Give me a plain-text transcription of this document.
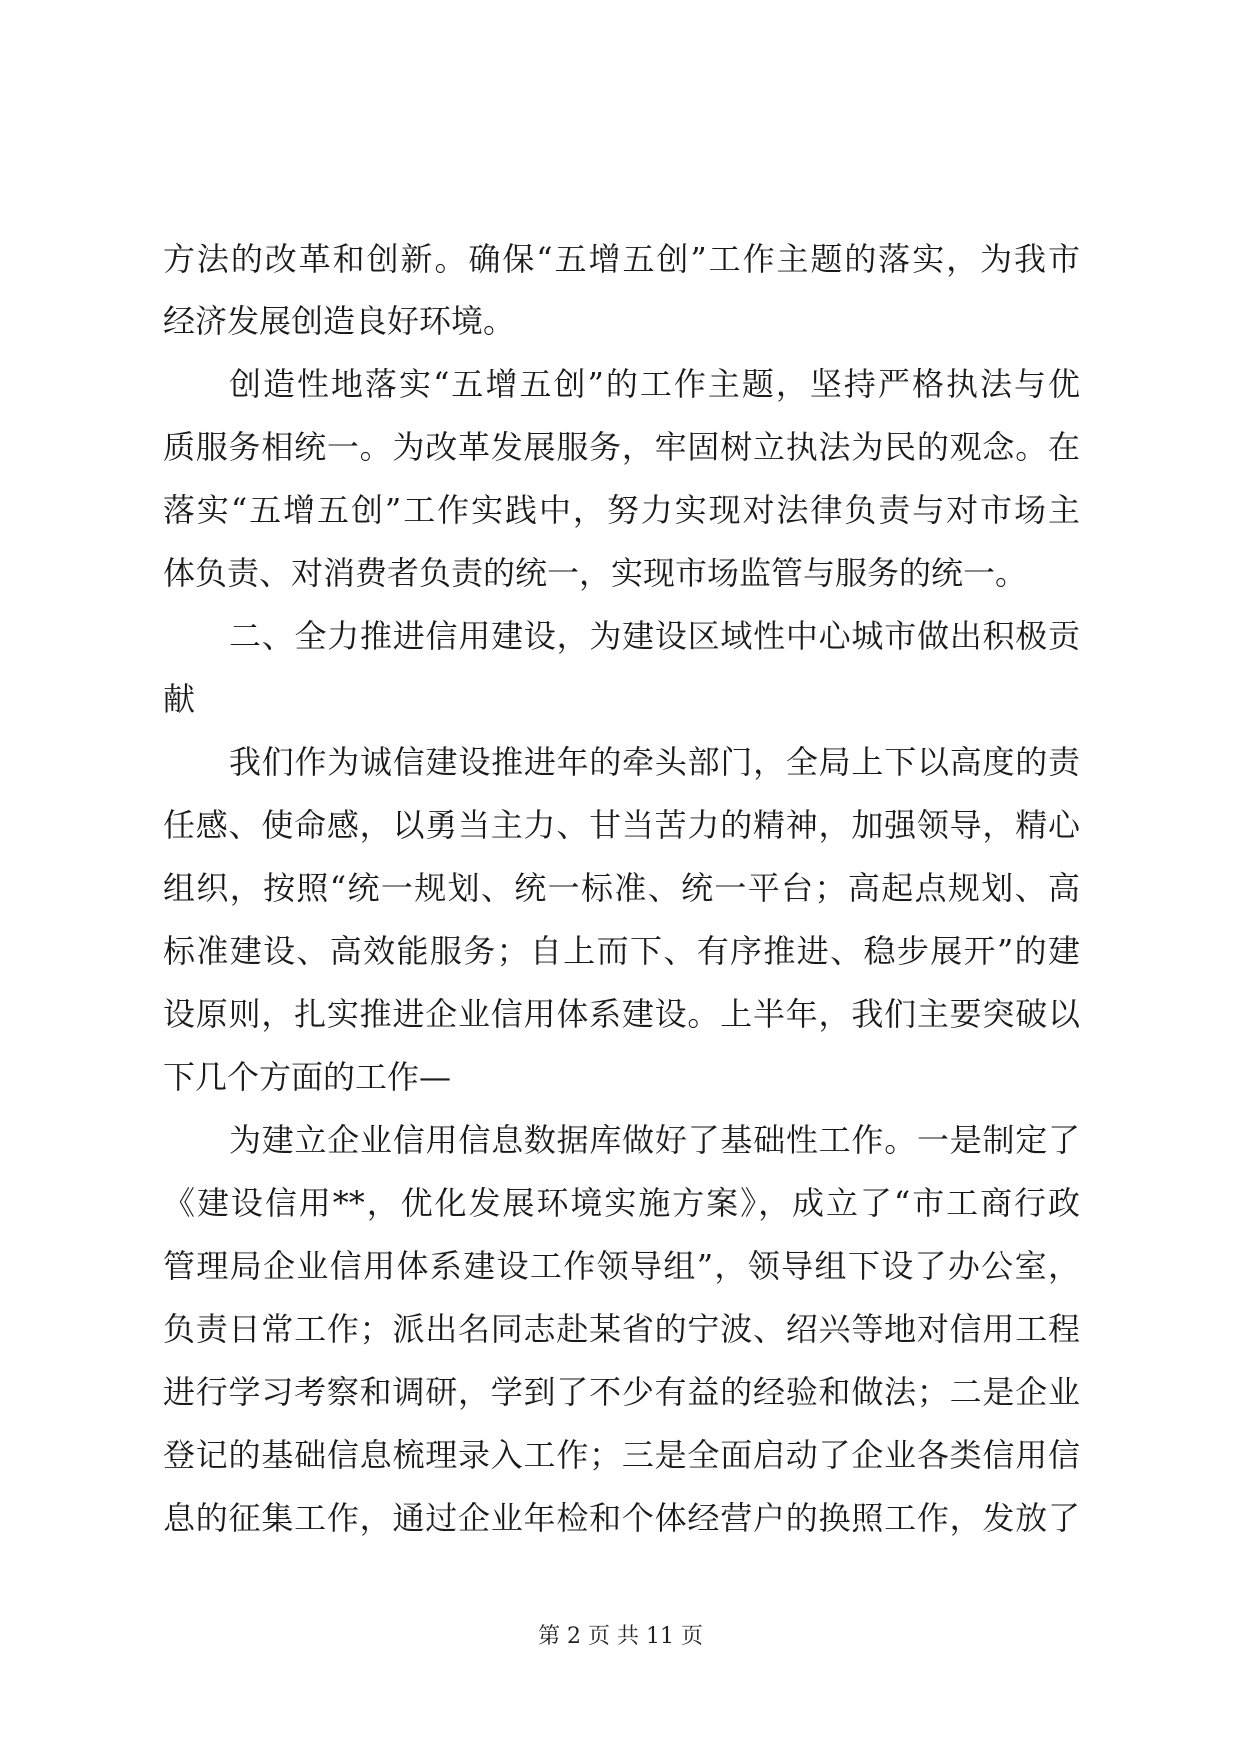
方法的改革和创新。确保“五增五创”工作主题的落实，为我市
经济发展创造良好环境。
创造性地落实“五增五创”的工作主题，坚持严格执法与优
质服务相统一。为改革发展服务，牢固树立执法为民的观念。在
落实“五增五创”工作实践中，努力实现对法律负责与对市场主
体负责、对消费者负责的统一，实现市场监管与服务的统一。
二、全力推进信用建设，为建设区域性中心城市做出积极贡
献
我们作为诚信建设推进年的牵头部门，全局上下以高度的责
任感、使命感，以勇当主力、甘当苦力的精神，加强领导，精心
组织，按照“统一规划、统一标准、统一平台；高起点规划、高
标准建设、高效能服务；自上而下、有序推进、稳步展开”的建
设原则，扎实推进企业信用体系建设。上半年，我们主要突破以
下几个方面的工作—
为建立企业信用信息数据库做好了基础性工作。一是制定了
《建设信用**，优化发展环境实施方案》，成立了“市工商行政
管理局企业信用体系建设工作领导组”，领导组下设了办公室，
负责日常工作；派出名同志赴某省的宁波、绍兴等地对信用工程
进行学习考察和调研，学到了不少有益的经验和做法；二是企业
登记的基础信息梳理录入工作；三是全面启动了企业各类信用信
息的征集工作，通过企业年检和个体经营户的换照工作，发放了
第 2 页 共 11 页
